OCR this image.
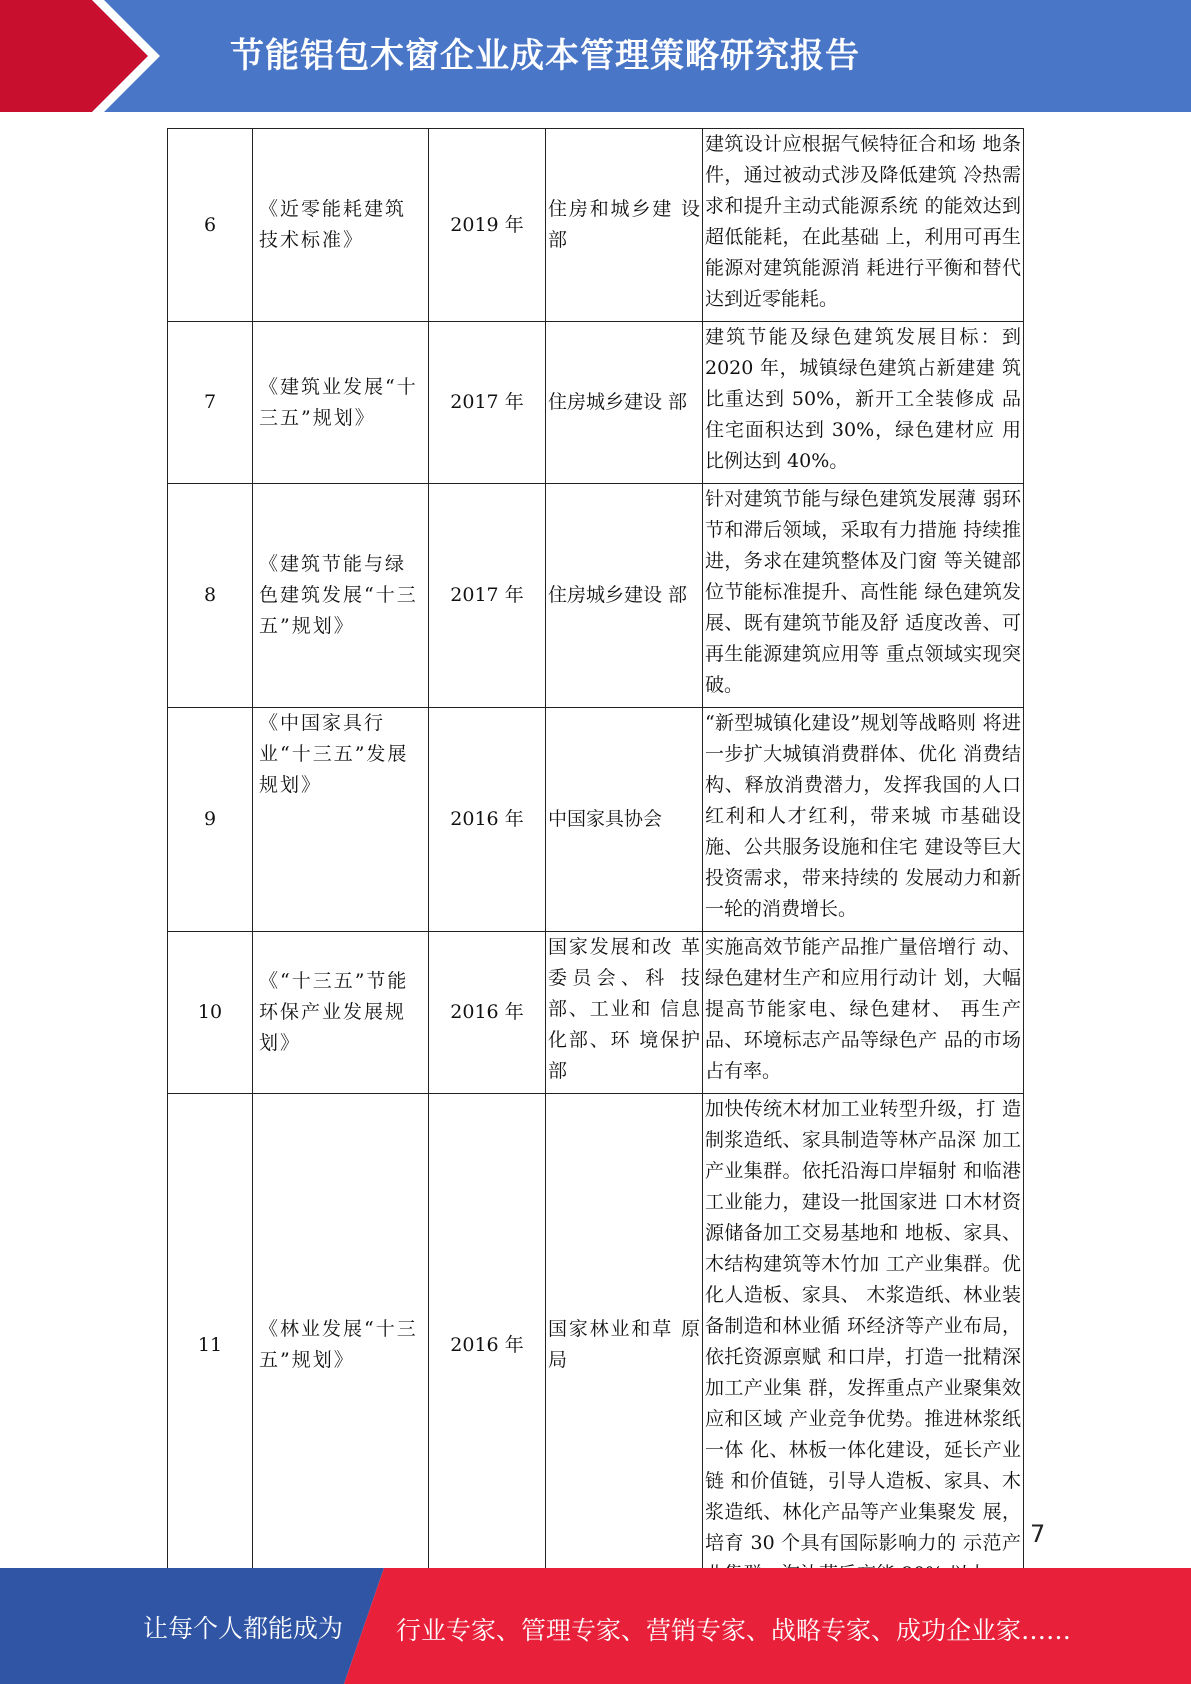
节能铝包木窗企业成本管理策略研究报告
6	《近零能耗建筑技术标准》	2019 年	住房和城乡建 设部	建筑设计应根据气候特征合和场 地条件，通过被动式涉及降低建筑 冷热需求和提升主动式能源系统 的能效达到超低能耗，在此基础 上，利用可再生能源对建筑能源消 耗进行平衡和替代达到近零能耗。
7	《建筑业发展“十三五”规划》	2017 年	住房城乡建设 部	建筑节能及绿色建筑发展目标：到 2020 年，城镇绿色建筑占新建建 筑比重达到 50%，新开工全装修成 品住宅面积达到 30%，绿色建材应 用比例达到 40%。
8	《建筑节能与绿色建筑发展“十三五”规划》	2017 年	住房城乡建设 部	针对建筑节能与绿色建筑发展薄 弱环节和滞后领域，采取有力措施 持续推进，务求在建筑整体及门窗 等关键部位节能标准提升、高性能 绿色建筑发展、既有建筑节能及舒 适度改善、可再生能源建筑应用等 重点领域实现突破。
9	《中国家具行业“十三五”发展规划》	2016 年	中国家具协会	“新型城镇化建设”规划等战略则 将进一步扩大城镇消费群体、优化 消费结构、释放消费潜力，发挥我国的人口红利和人才红利，带来城 市基础设施、公共服务设施和住宅 建设等巨大投资需求，带来持续的 发展动力和新一轮的消费增长。
10	《“十三五”节能 环保产业发展规 划》	2016 年	国家发展和改 革委员会、科 技部、工业和 信息化部、环 境保护部	实施高效节能产品推广量倍增行 动、绿色建材生产和应用行动计 划，大幅提高节能家电、绿色建材、 再生产品、环境标志产品等绿色产 品的市场占有率。
11	《林业发展“十三五”规划》	2016 年	国家林业和草 原局	加快传统木材加工业转型升级，打 造制浆造纸、家具制造等林产品深 加工产业集群。依托沿海口岸辐射 和临港工业能力，建设一批国家进 口木材资源储备加工交易基地和 地板、家具、木结构建筑等木竹加 工产业集群。优化人造板、家具、 木浆造纸、林业装备制造和林业循 环经济等产业布局，依托资源禀赋 和口岸，打造一批精深加工产业集 群，发挥重点产业聚集效应和区域 产业竞争优势。推进林浆纸一体 化、林板一体化建设，延长产业链 和价值链，引导人造板、家具、木浆造纸、林化产品等产业集聚发 展，培育 30 个具有国际影响力的 示范产 7
让每个人都能成为 行业专家、管理专家、营销专家、战略专家、成功企业家……
